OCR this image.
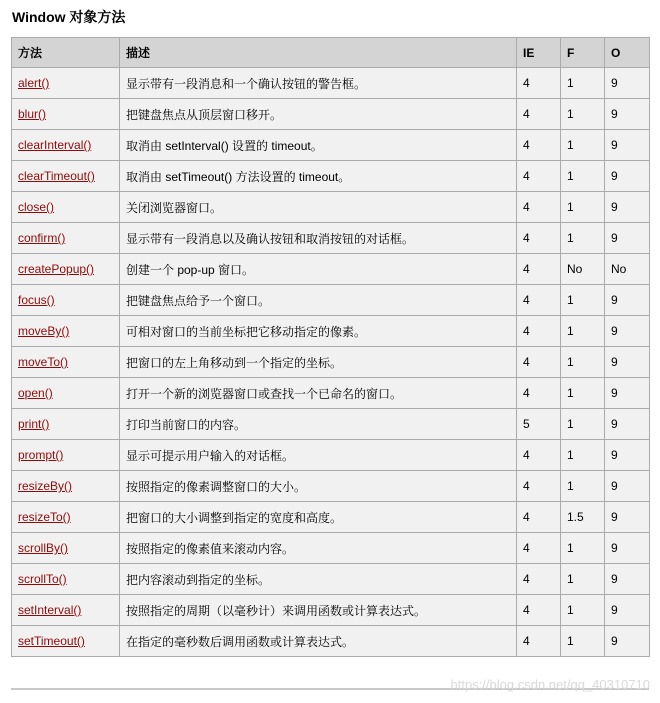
Window 对象方法
方法	描述	IE	F	O
alert()	显示带有一段消息和一个确认按钮的警告框。	4	1	9
blur()	把键盘焦点从顶层窗口移开。	4	1	9
clearInterval()	取消由 setInterval() 设置的 timeout。	4	1	9
clearTimeout()	取消由 setTimeout() 方法设置的 timeout。	4	1	9
close()	关闭浏览器窗口。	4	1	9
confirm()	显示带有一段消息以及确认按钮和取消按钮的对话框。	4	1	9
createPopup()	创建一个 pop-up 窗口。	4	No	No
focus()	把键盘焦点给予一个窗口。	4	1	9
moveBy()	可相对窗口的当前坐标把它移动指定的像素。	4	1	9
moveTo()	把窗口的左上角移动到一个指定的坐标。	4	1	9
open()	打开一个新的浏览器窗口或查找一个已命名的窗口。	4	1	9
print()	打印当前窗口的内容。	5	1	9
prompt()	显示可提示用户输入的对话框。	4	1	9
resizeBy()	按照指定的像素调整窗口的大小。	4	1	9
resizeTo()	把窗口的大小调整到指定的宽度和高度。	4	1.5	9
scrollBy()	按照指定的像素值来滚动内容。	4	1	9
scrollTo()	把内容滚动到指定的坐标。	4	1	9
setInterval()	按照指定的周期（以毫秒计）来调用函数或计算表达式。	4	1	9
setTimeout()	在指定的毫秒数后调用函数或计算表达式。	4	1	9
https://blog.csdn.net/qq_40310710
